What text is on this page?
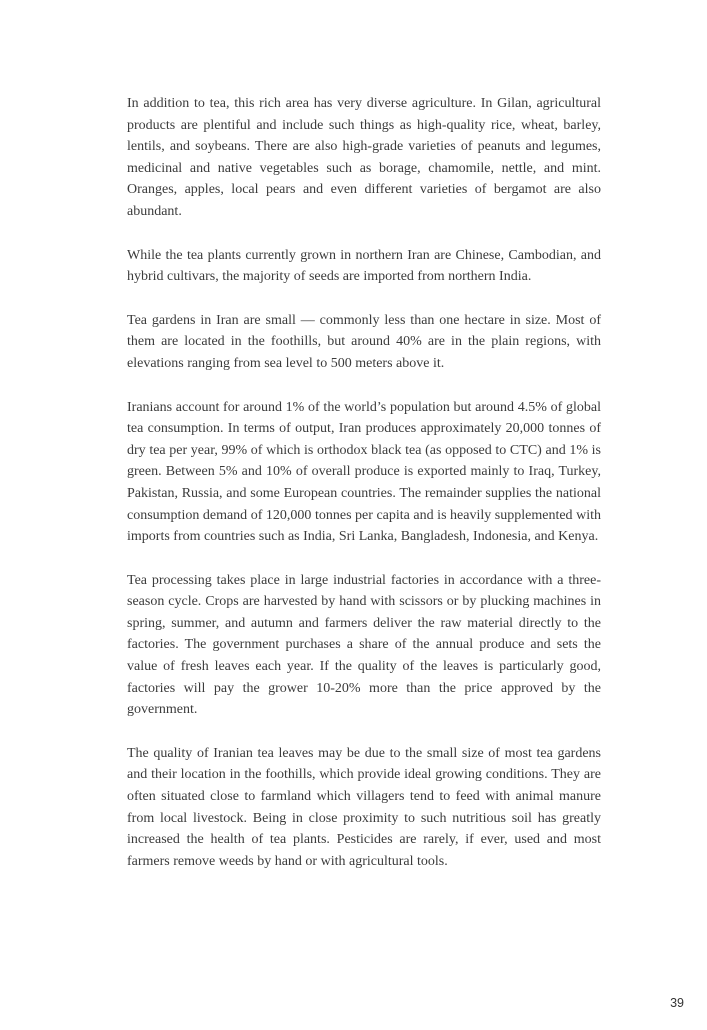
In addition to tea, this rich area has very diverse agriculture. In Gilan, agricultural products are plentiful and include such things as high-quality rice, wheat, barley, lentils, and soybeans. There are also high-grade varieties of peanuts and legumes, medicinal and native vegetables such as borage, chamomile, nettle, and mint. Oranges, apples, local pears and even different varieties of bergamot are also abundant.

While the tea plants currently grown in northern Iran are Chinese, Cambodian, and hybrid cultivars, the majority of seeds are imported from northern India.

Tea gardens in Iran are small — commonly less than one hectare in size. Most of them are located in the foothills, but around 40% are in the plain regions, with elevations ranging from sea level to 500 meters above it.

Iranians account for around 1% of the world’s population but around 4.5% of global tea consumption. In terms of output, Iran produces approximately 20,000 tonnes of dry tea per year, 99% of which is orthodox black tea (as opposed to CTC) and 1% is green. Between 5% and 10% of overall produce is exported mainly to Iraq, Turkey, Pakistan, Russia, and some European countries. The remainder supplies the national consumption demand of 120,000 tonnes per capita and is heavily supplemented with imports from countries such as India, Sri Lanka, Bangladesh, Indonesia, and Kenya.

Tea processing takes place in large industrial factories in accordance with a three-season cycle. Crops are harvested by hand with scissors or by plucking machines in spring, summer, and autumn and farmers deliver the raw material directly to the factories. The government purchases a share of the annual produce and sets the value of fresh leaves each year. If the quality of the leaves is particularly good, factories will pay the grower 10-20% more than the price approved by the government.

The quality of Iranian tea leaves may be due to the small size of most tea gardens and their location in the foothills, which provide ideal growing conditions. They are often situated close to farmland which villagers tend to feed with animal manure from local livestock. Being in close proximity to such nutritious soil has greatly increased the health of tea plants. Pesticides are rarely, if ever, used and most farmers remove weeds by hand or with agricultural tools.

39
